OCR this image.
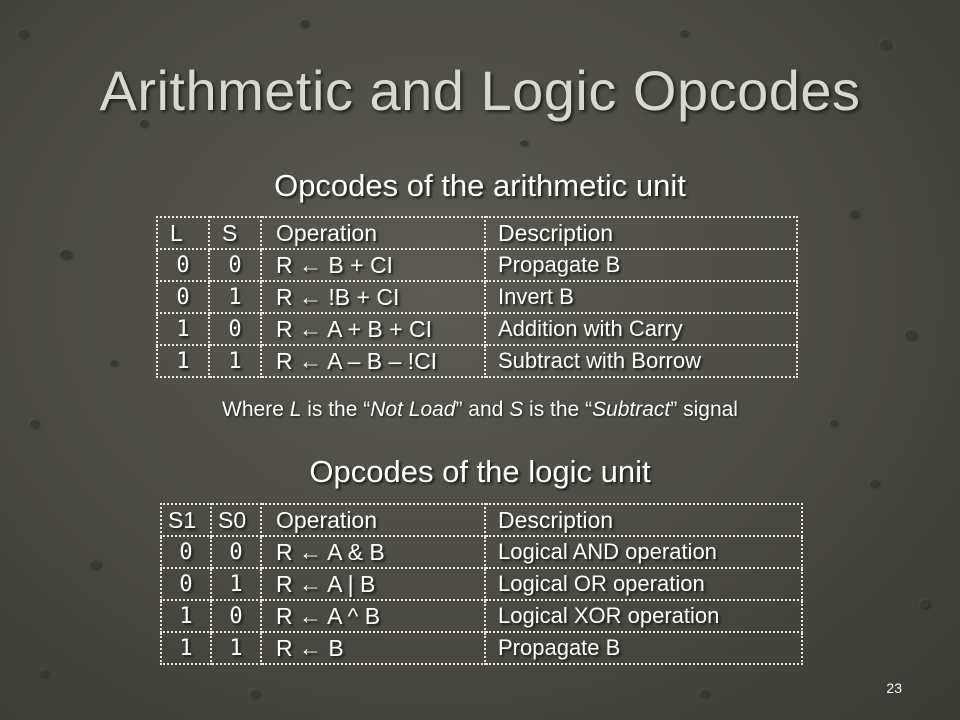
Arithmetic and Logic Opcodes
Opcodes of the arithmetic unit
L	S	Operation	Description
0	0	R ← B + CI	Propagate B
0	1	R ← !B + CI	Invert B
1	0	R ← A + B + CI	Addition with Carry
1	1	R ← A – B – !CI	Subtract with Borrow
Where L is the “Not Load” and S is the “Subtract” signal
Opcodes of the logic unit
S1	S0	Operation	Description
0	0	R ← A & B	Logical AND operation
0	1	R ← A | B	Logical OR operation
1	0	R ← A ^ B	Logical XOR operation
1	1	R ← B	Propagate B
23
